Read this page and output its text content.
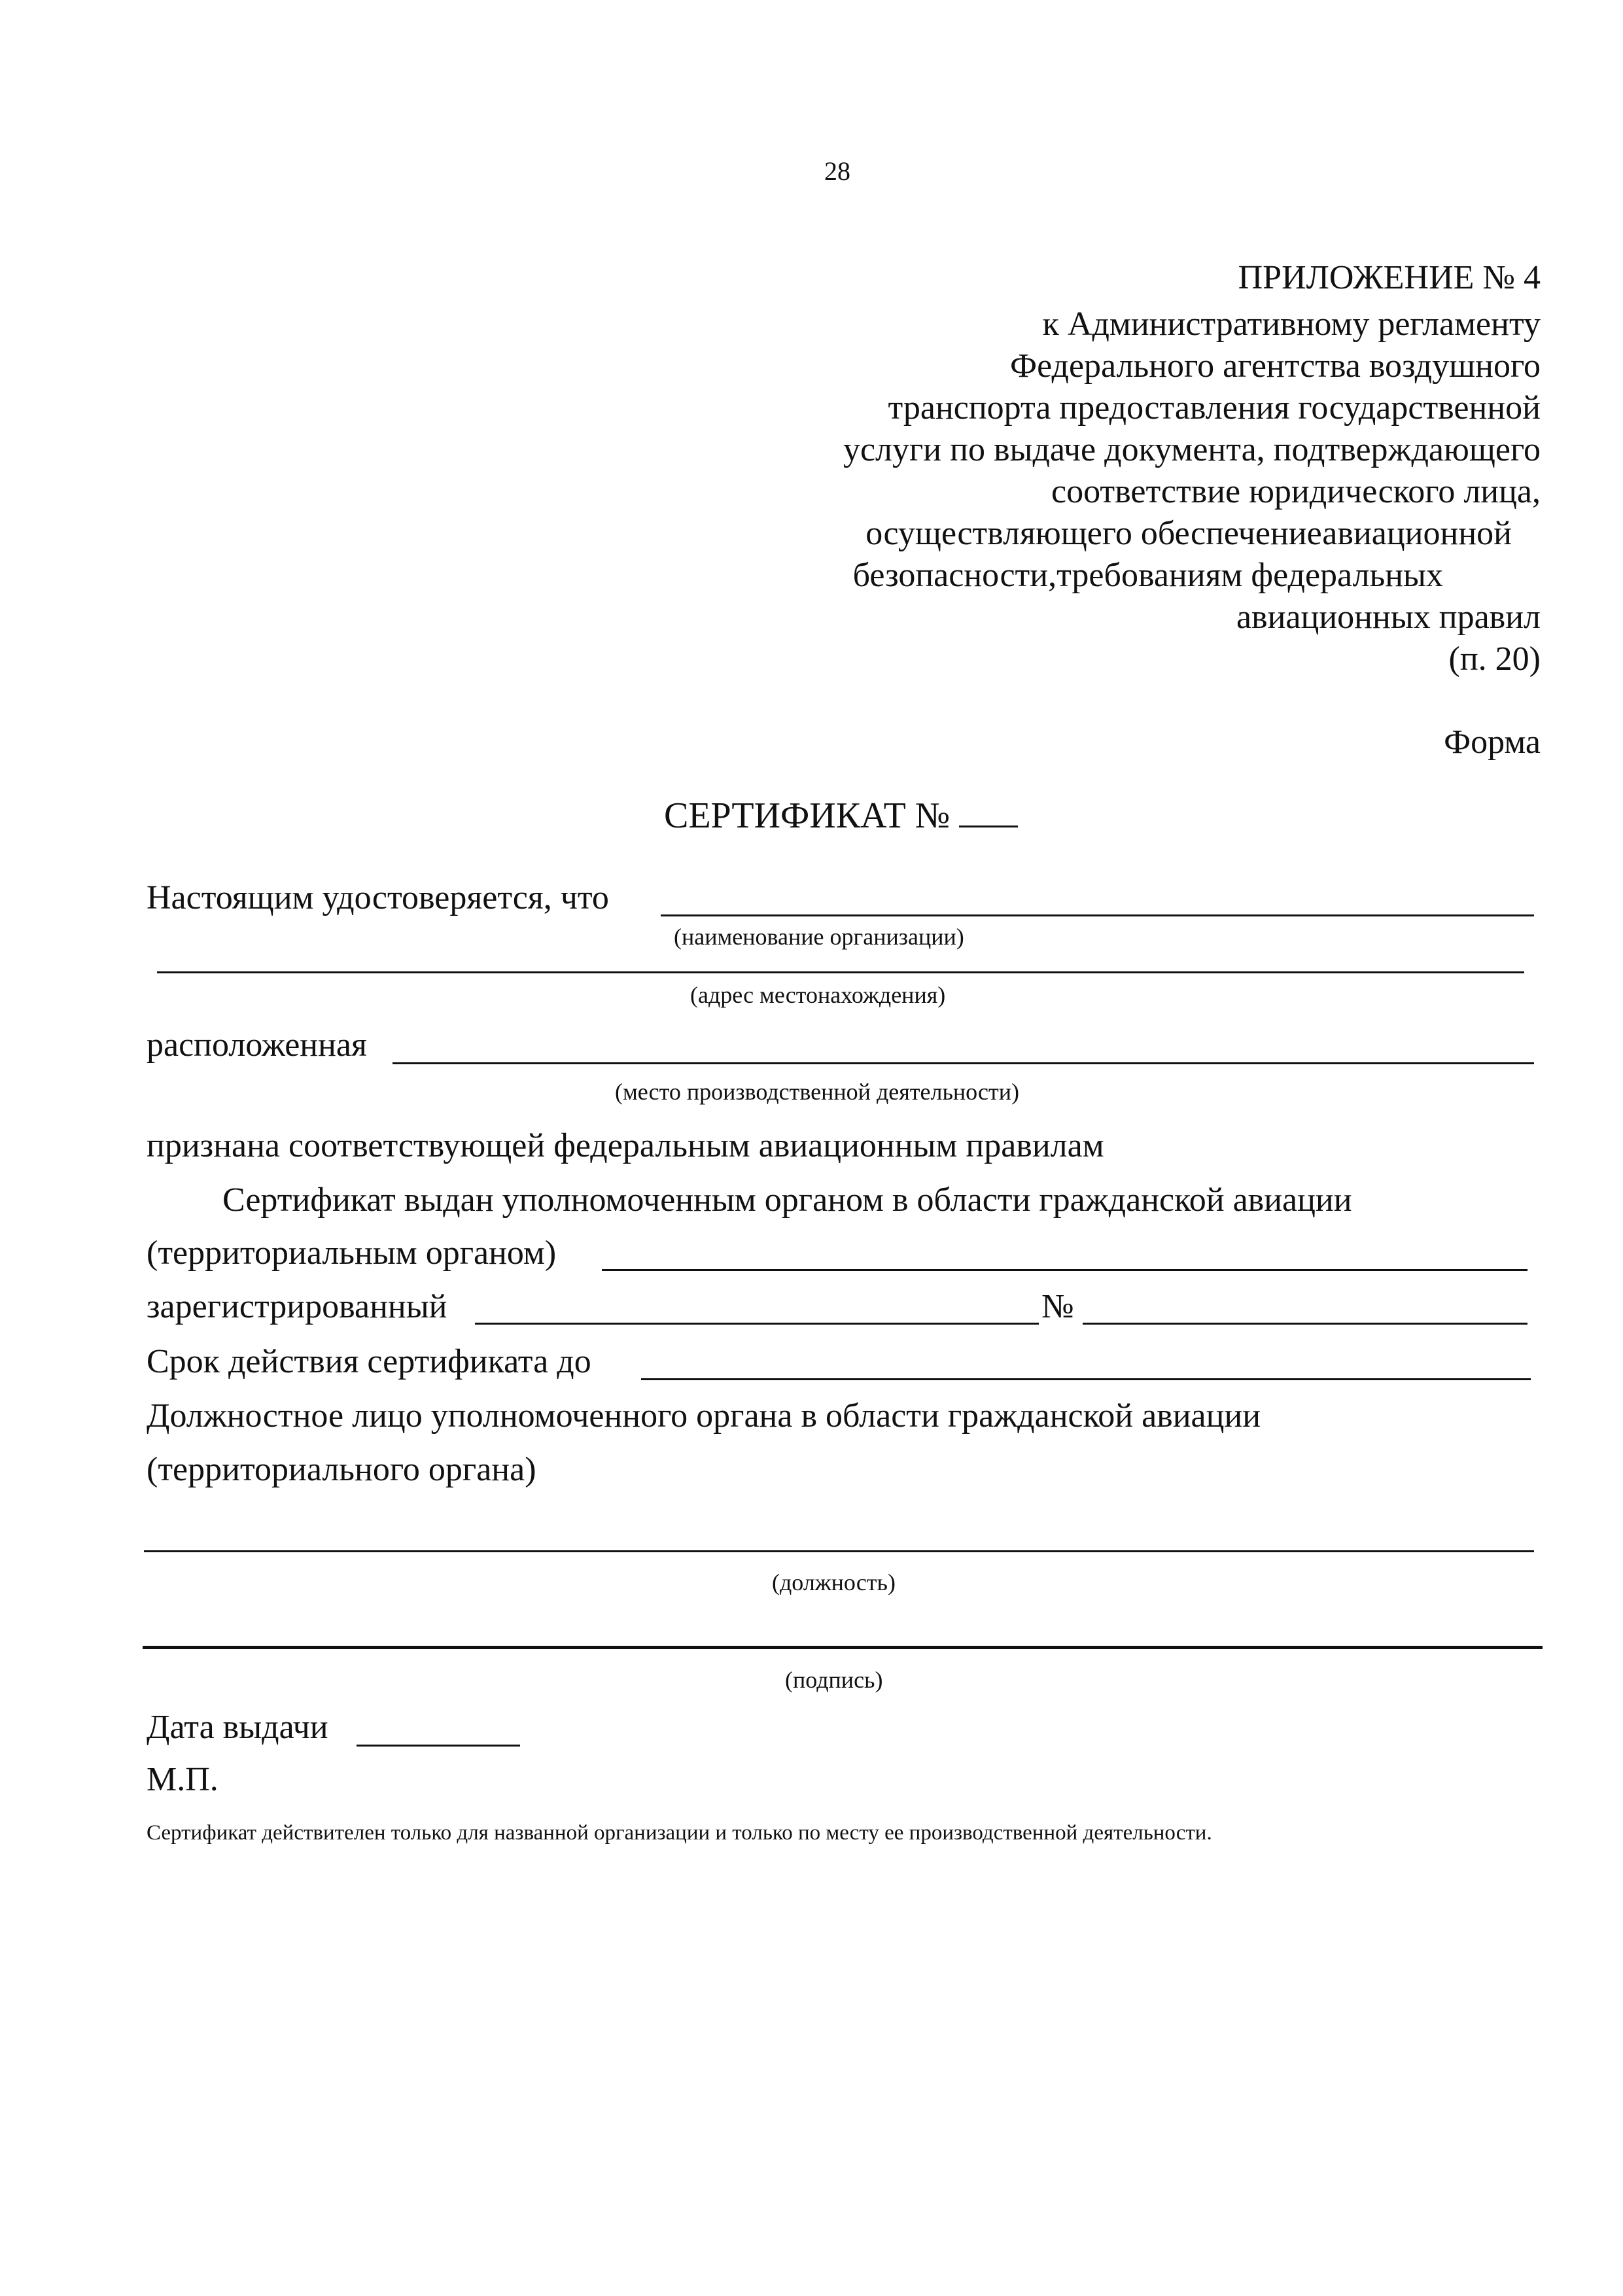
28
ПРИЛОЖЕНИЕ № 4
к Административному регламенту
Федерального агентства воздушного
транспорта предоставления государственной
услуги по выдаче документа, подтверждающего
соответствие юридического лица,
осуществляющего обеспечениеавиационной
безопасности,требованиям федеральных
авиационных правил
(п. 20)
Форма
СЕРТИФИКАТ №
Настоящим удостоверяется, что
(наименование организации)
(адрес местонахождения)
расположенная
(место производственной деятельности)
признана соответствующей федеральным авиационным правилам
Сертификат выдан уполномоченным органом в области гражданской авиации
(территориальным органом)
зарегистрированный	№
Срок действия сертификата до
Должностное лицо уполномоченного органа в области гражданской авиации
(территориального органа)
(должность)
(подпись)
Дата выдачи
М.П.
Сертификат действителен только для названной организации и только по месту ее производственной деятельности.
